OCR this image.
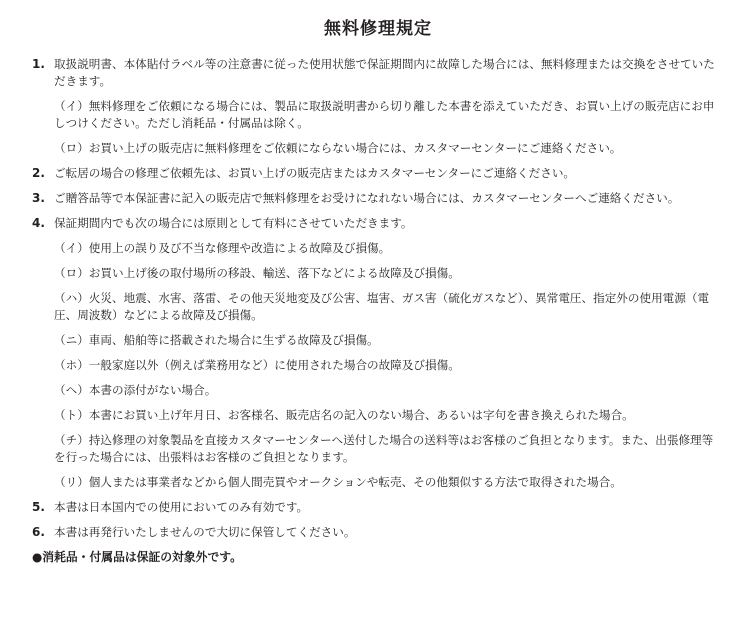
無料修理規定
1. 取扱説明書、本体貼付ラベル等の注意書に従った使用状態で保証期間内に故障した場合には、無料修理または交換をさせていただきます。
（イ）無料修理をご依頼になる場合には、製品に取扱説明書から切り離した本書を添えていただき、お買い上げの販売店にお申しつけください。ただし消耗品・付属品は除く。
（ロ）お買い上げの販売店に無料修理をご依頼にならない場合には、カスタマーセンターにご連絡ください。
2. ご転居の場合の修理ご依頼先は、お買い上げの販売店またはカスタマーセンターにご連絡ください。
3. ご贈答品等で本保証書に記入の販売店で無料修理をお受けになれない場合には、カスタマーセンターへご連絡ください。
4. 保証期間内でも次の場合には原則として有料にさせていただきます。
（イ）使用上の誤り及び不当な修理や改造による故障及び損傷。
（ロ）お買い上げ後の取付場所の移設、輸送、落下などによる故障及び損傷。
（ハ）火災、地震、水害、落雷、その他天災地変及び公害、塩害、ガス害（硫化ガスなど）、異常電圧、指定外の使用電源（電圧、周波数）などによる故障及び損傷。
（ニ）車両、船舶等に搭載された場合に生ずる故障及び損傷。
（ホ）一般家庭以外（例えば業務用など）に使用された場合の故障及び損傷。
（ヘ）本書の添付がない場合。
（ト）本書にお買い上げ年月日、お客様名、販売店名の記入のない場合、あるいは字句を書き換えられた場合。
（チ）持込修理の対象製品を直接カスタマーセンターへ送付した場合の送料等はお客様のご負担となります。また、出張修理等を行った場合には、出張料はお客様のご負担となります。
（リ）個人または事業者などから個人間売買やオークションや転売、その他類似する方法で取得された場合。
5. 本書は日本国内での使用においてのみ有効です。
6. 本書は再発行いたしませんので大切に保管してください。
●消耗品・付属品は保証の対象外です。
